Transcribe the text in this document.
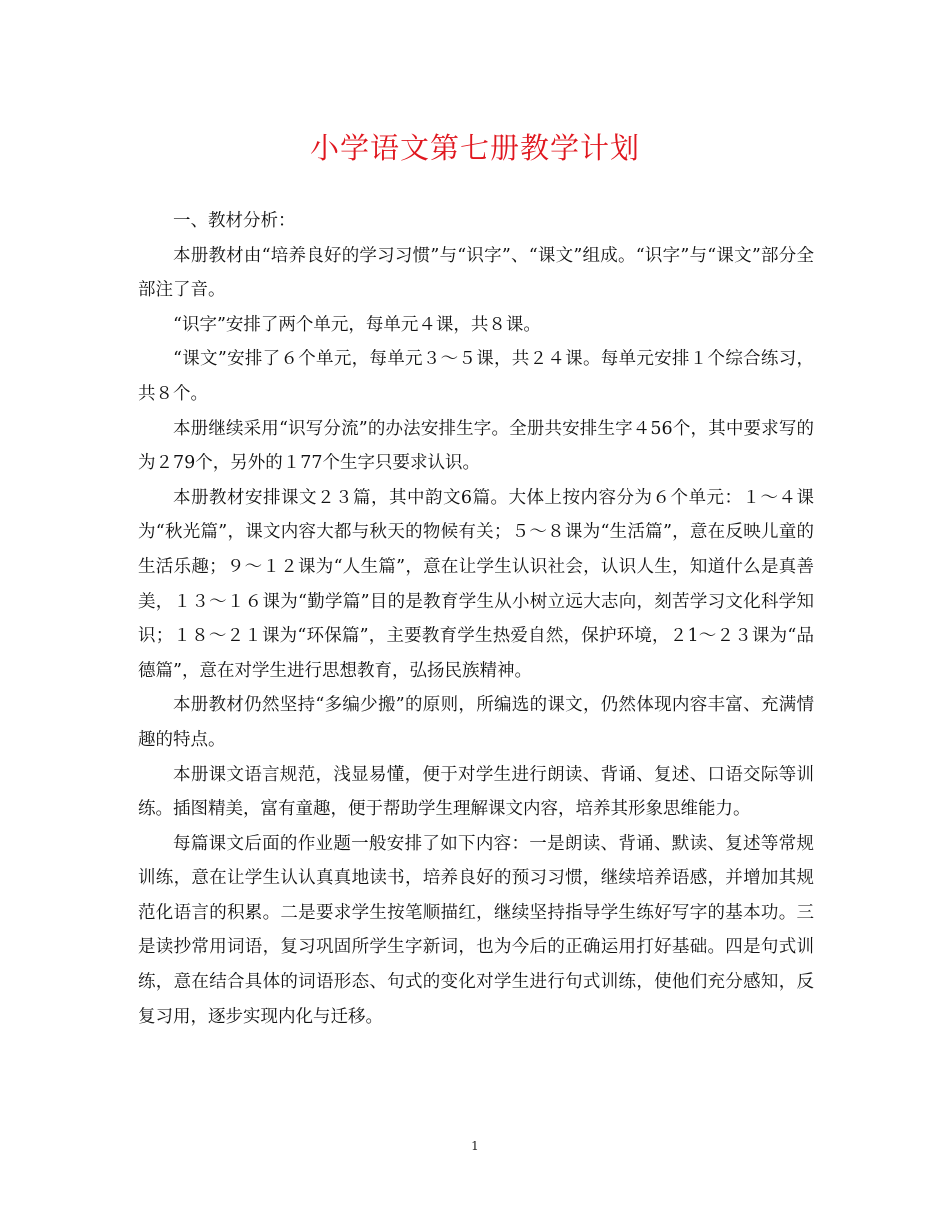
小学语文第七册教学计划

一、教材分析：

本册教材由“培养良好的学习习惯”与“识字”、“课文”组成。“识字”与“课文”部分全部注了音。

“识字”安排了两个单元，每单元４课，共８课。

“课文”安排了６个单元，每单元３～５课，共２４课。每单元安排１个综合练习，共８个。

本册继续采用“识写分流”的办法安排生字。全册共安排生字４56个，其中要求写的为２79个，另外的１77个生字只要求认识。

本册教材安排课文２３篇，其中韵文6篇。大体上按内容分为６个单元：１～４课为“秋光篇”，课文内容大都与秋天的物候有关；５～８课为“生活篇”，意在反映儿童的生活乐趣；９～１２课为“人生篇”，意在让学生认识社会，认识人生，知道什么是真善美，１３～１６课为“勤学篇”目的是教育学生从小树立远大志向，刻苦学习文化科学知识；１８～２１课为“环保篇”，主要教育学生热爱自然，保护环境，２1～２３课为“品德篇”，意在对学生进行思想教育，弘扬民族精神。

本册教材仍然坚持“多编少搬”的原则，所编选的课文，仍然体现内容丰富、充满情趣的特点。

本册课文语言规范，浅显易懂，便于对学生进行朗读、背诵、复述、口语交际等训练。插图精美，富有童趣，便于帮助学生理解课文内容，培养其形象思维能力。

每篇课文后面的作业题一般安排了如下内容：一是朗读、背诵、默读、复述等常规训练，意在让学生认认真真地读书，培养良好的预习习惯，继续培养语感，并增加其规范化语言的积累。二是要求学生按笔顺描红，继续坚持指导学生练好写字的基本功。三是读抄常用词语，复习巩固所学生字新词，也为今后的正确运用打好基础。四是句式训练，意在结合具体的词语形态、句式的变化对学生进行句式训练，使他们充分感知，反复习用，逐步实现内化与迁移。

1
